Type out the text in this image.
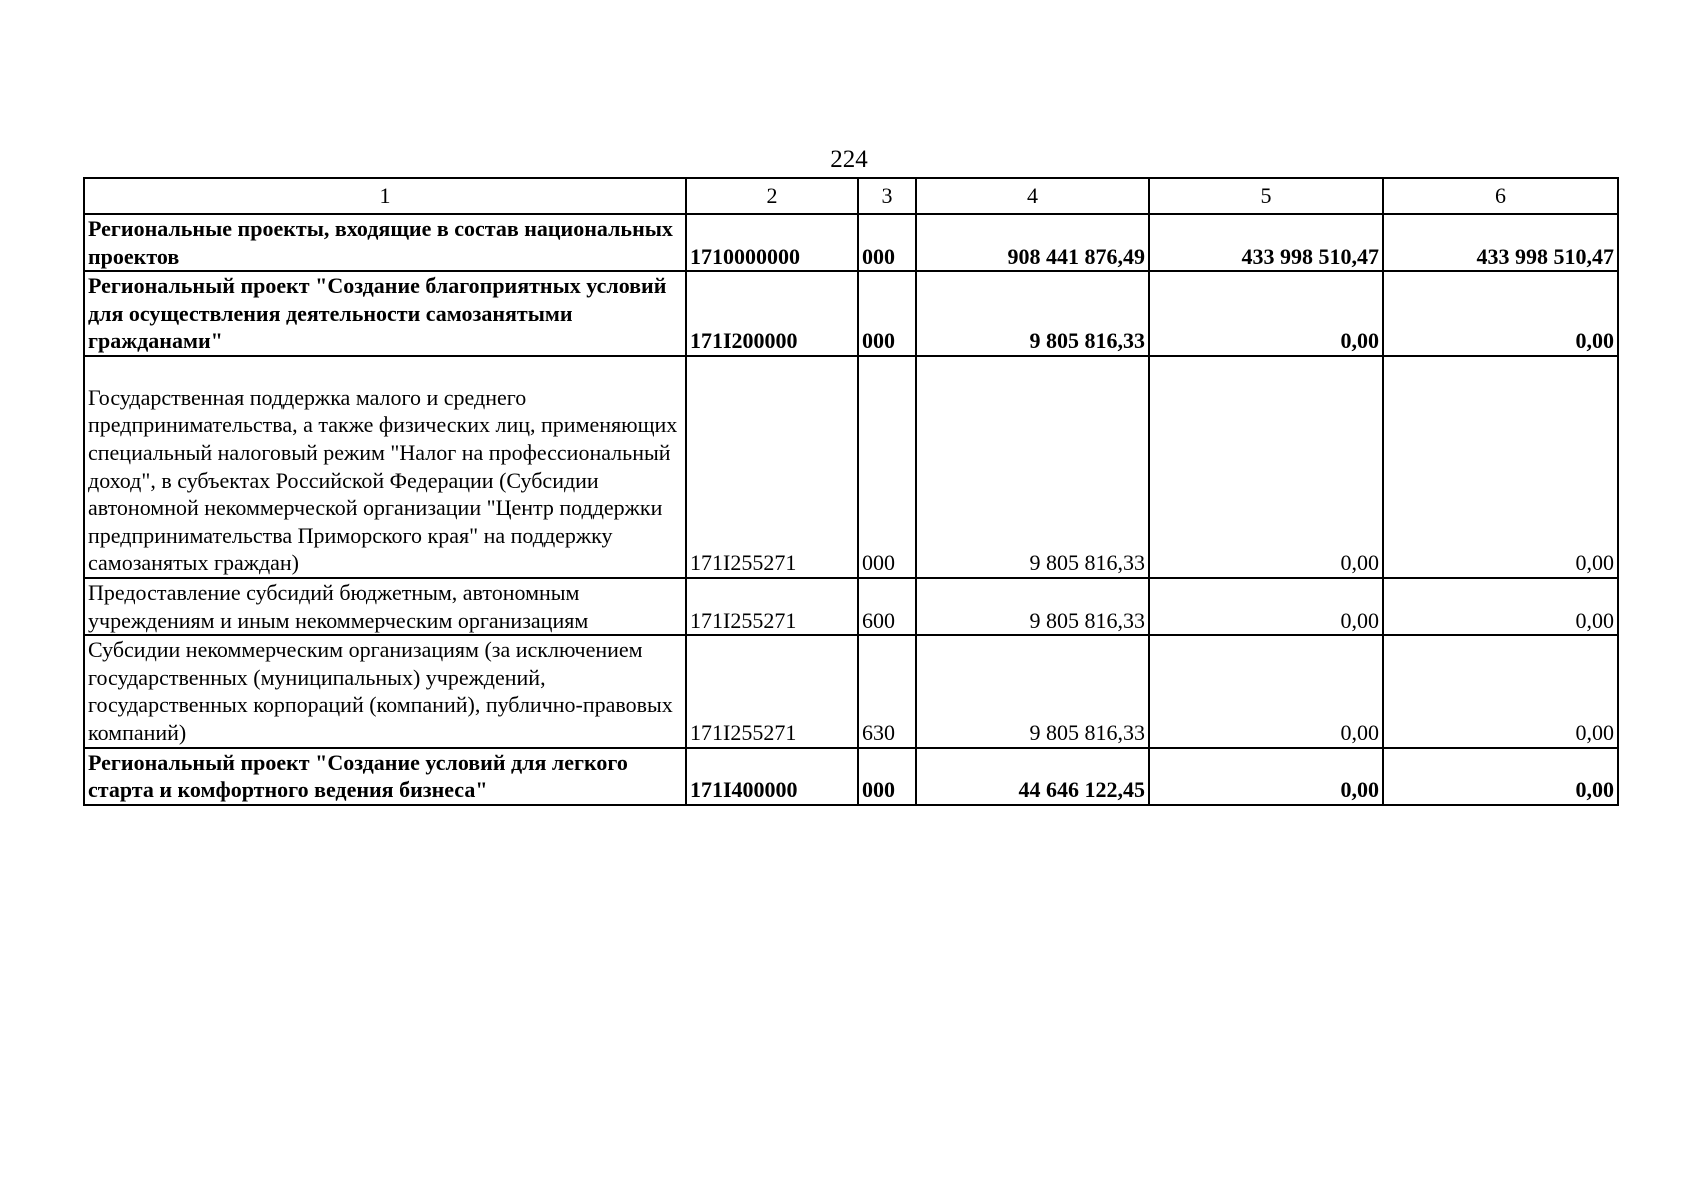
224
1	2	3	4	5	6
Региональные проекты, входящие в состав национальных проектов	1710000000	000	908 441 876,49	433 998 510,47	433 998 510,47
Региональный проект "Создание благоприятных условий для осуществления деятельности самозанятыми гражданами"	171I200000	000	9 805 816,33	0,00	0,00
Государственная поддержка малого и среднего предпринимательства, а также физических лиц, применяющих специальный налоговый режим "Налог на профессиональный доход", в субъектах Российской Федерации (Субсидии автономной некоммерческой организации "Центр поддержки предпринимательства Приморского края" на поддержку самозанятых граждан)	171I255271	000	9 805 816,33	0,00	0,00
Предоставление субсидий бюджетным, автономным учреждениям и иным некоммерческим организациям	171I255271	600	9 805 816,33	0,00	0,00
Субсидии некоммерческим организациям (за исключением государственных (муниципальных) учреждений, государственных корпораций (компаний), публично-правовых компаний)	171I255271	630	9 805 816,33	0,00	0,00
Региональный проект "Создание условий для легкого старта и комфортного ведения бизнеса"	171I400000	000	44 646 122,45	0,00	0,00
